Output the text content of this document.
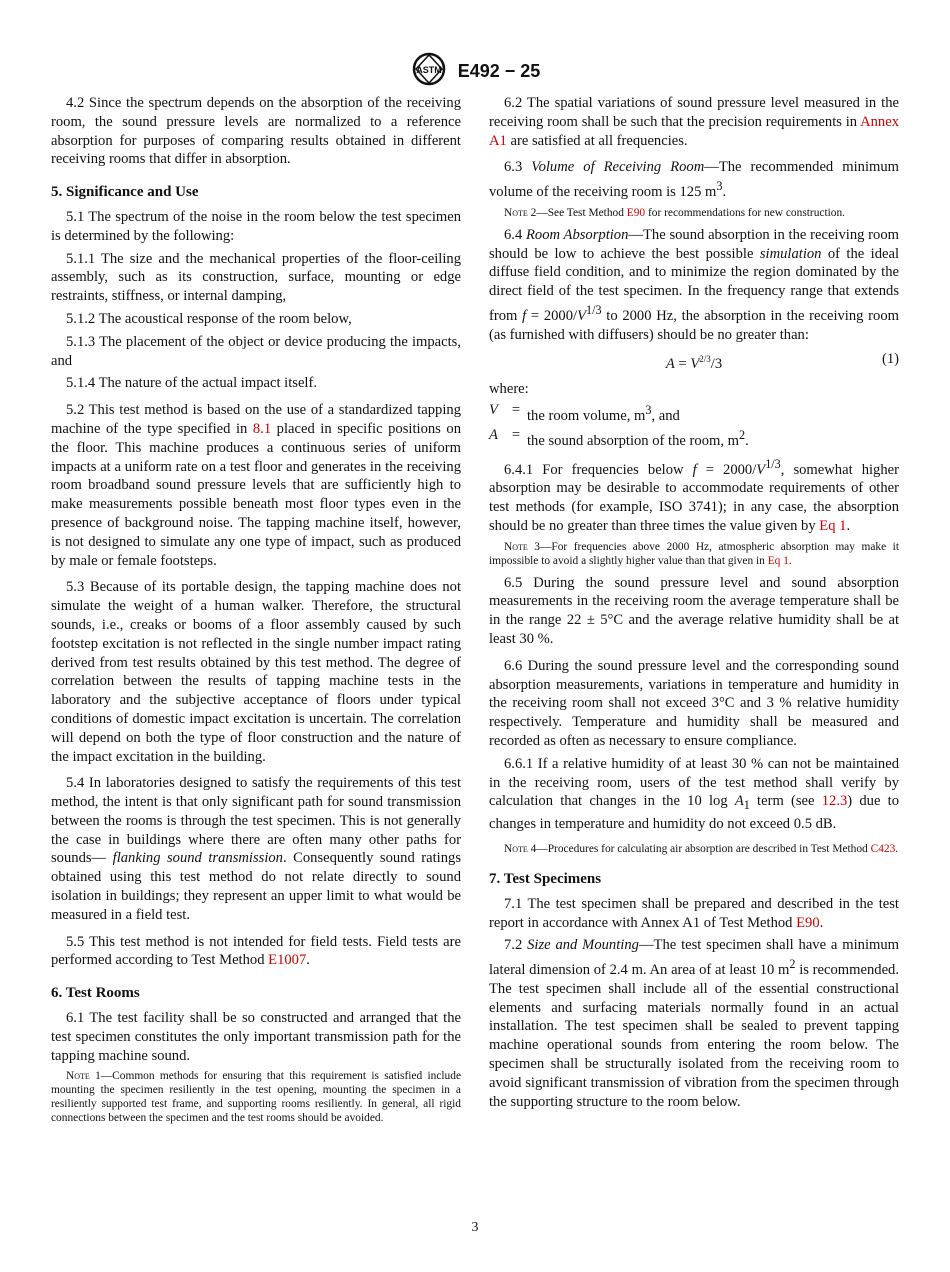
ASTM E492 − 25

4.2 Since the spectrum depends on the absorption of the receiving room, the sound pressure levels are normalized to a reference absorption for purposes of comparing results obtained in different receiving rooms that differ in absorption.

5. Significance and Use

5.1 The spectrum of the noise in the room below the test specimen is determined by the following:

5.1.1 The size and the mechanical properties of the floor-ceiling assembly, such as its construction, surface, mounting or edge restraints, stiffness, or internal damping,

5.1.2 The acoustical response of the room below,

5.1.3 The placement of the object or device producing the impacts, and

5.1.4 The nature of the actual impact itself.

5.2 This test method is based on the use of a standardized tapping machine of the type specified in 8.1 placed in specific positions on the floor. This machine produces a continuous series of uniform impacts at a uniform rate on a test floor and generates in the receiving room broadband sound pressure levels that are sufficiently high to make measurements possible beneath most floor types even in the presence of background noise. The tapping machine itself, however, is not designed to simulate any one type of impact, such as produced by male or female footsteps.

5.3 Because of its portable design, the tapping machine does not simulate the weight of a human walker. Therefore, the structural sounds, i.e., creaks or booms of a floor assembly caused by such footstep excitation is not reflected in the single number impact rating derived from test results obtained by this test method. The degree of correlation between the results of tapping machine tests in the laboratory and the subjective acceptance of floors under typical conditions of domestic impact excitation is uncertain. The correlation will depend on both the type of floor construction and the nature of the impact excitation in the building.

5.4 In laboratories designed to satisfy the requirements of this test method, the intent is that only significant path for sound transmission between the rooms is through the test specimen. This is not generally the case in buildings where there are often many other paths for sounds— flanking sound transmission. Consequently sound ratings obtained using this test method do not relate directly to sound isolation in buildings; they represent an upper limit to what would be measured in a field test.

5.5 This test method is not intended for field tests. Field tests are performed according to Test Method E1007.

6. Test Rooms

6.1 The test facility shall be so constructed and arranged that the test specimen constitutes the only important transmission path for the tapping machine sound.

Note 1—Common methods for ensuring that this requirement is satisfied include mounting the specimen resiliently in the test opening, mounting the specimen in a resiliently supported test frame, and supporting rooms resiliently. In general, all rigid connections between the specimen and the test rooms should be avoided.

6.2 The spatial variations of sound pressure level measured in the receiving room shall be such that the precision requirements in Annex A1 are satisfied at all frequencies.

6.3 Volume of Receiving Room—The recommended minimum volume of the receiving room is 125 $m^3$.

Note 2—See Test Method E90 for recommendations for new construction.

6.4 Room Absorption—The sound absorption in the receiving room should be low to achieve the best possible simulation of the ideal diffuse field condition, and to minimize the region dominated by the direct field of the test specimen. In the frequency range that extends from $f = 2000/V^{1/3}$ to 2000 Hz, the absorption in the receiving room (as furnished with diffusers) should be no greater than:

$A = V^{2/3}/3$	(1)

where:

V = the room volume, $m^3$, and
A = the sound absorption of the room, $m^2$.

6.4.1 For frequencies below $f = 2000/V^{1/3}$, somewhat higher absorption may be desirable to accommodate requirements of other test methods (for example, ISO 3741); in any case, the absorption should be no greater than three times the value given by Eq 1.

Note 3—For frequencies above 2000 Hz, atmospheric absorption may make it impossible to avoid a slightly higher value than that given in Eq 1.

6.5 During the sound pressure level and sound absorption measurements in the receiving room the average temperature shall be in the range 22 ± 5°C and the average relative humidity shall be at least 30 %.

6.6 During the sound pressure level and the corresponding sound absorption measurements, variations in temperature and humidity in the receiving room shall not exceed 3°C and 3 % relative humidity respectively. Temperature and humidity shall be measured and recorded as often as necessary to ensure compliance.

6.6.1 If a relative humidity of at least 30 % can not be maintained in the receiving room, users of the test method shall verify by calculation that changes in the 10 $\log A_1$ term (see 12.3) due to changes in temperature and humidity do not exceed 0.5 dB.

Note 4—Procedures for calculating air absorption are described in Test Method C423.
7. Test Specimens

7.1 The test specimen shall be prepared and described in the test report in accordance with Annex A1 of Test Method E90.

7.2 Size and Mounting—The test specimen shall have a minimum lateral dimension of 2.4 m. An area of at least 10 $m^2$ is recommended. The test specimen shall include all of the essential constructional elements and surfacing materials normally found in an actual installation. The test specimen shall be sealed to prevent tapping machine operational sounds from entering the room below. The specimen shall be structurally isolated from the receiving room to avoid significant transmission of vibration from the specimen through the supporting structure to the room below.

3
